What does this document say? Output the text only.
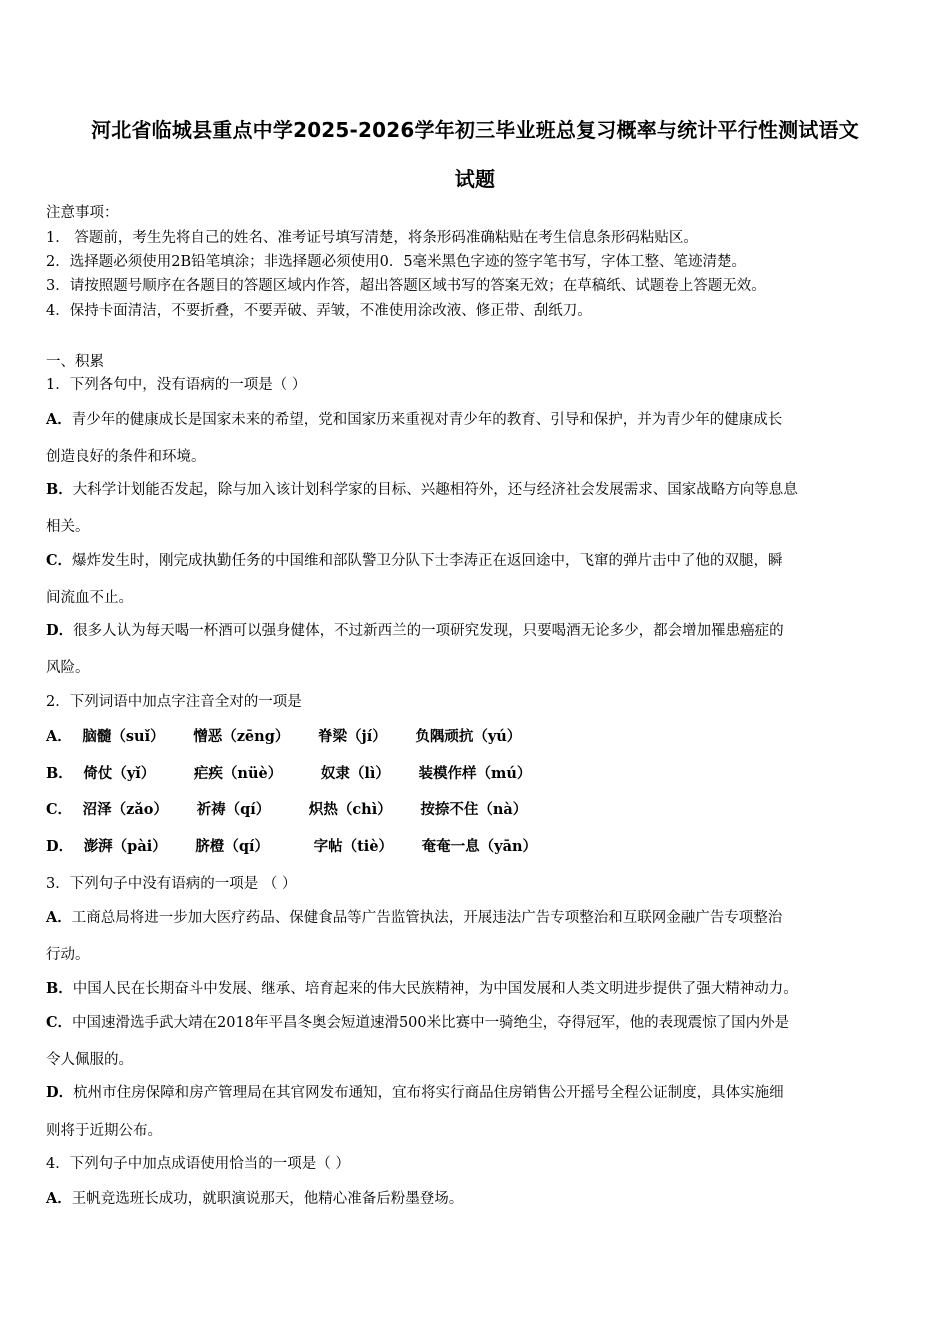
河北省临城县重点中学2025-2026学年初三毕业班总复习概率与统计平行性测试语文
试题
注意事项：
1． 答题前，考生先将自己的姓名、准考证号填写清楚，将条形码准确粘贴在考生信息条形码粘贴区。
2．选择题必须使用2B铅笔填涂；非选择题必须使用0．5毫米黑色字迹的签字笔书写，字体工整、笔迹清楚。
3．请按照题号顺序在各题目的答题区域内作答，超出答题区域书写的答案无效；在草稿纸、试题卷上答题无效。
4．保持卡面清洁，不要折叠，不要弄破、弄皱，不准使用涂改液、修正带、刮纸刀。
一、积累
1．下列各句中，没有语病的一项是（ ）
A．青少年的健康成长是国家未来的希望，党和国家历来重视对青少年的教育、引导和保护，并为青少年的健康成长
创造良好的条件和环境。
B．大科学计划能否发起，除与加入该计划科学家的目标、兴趣相符外，还与经济社会发展需求、国家战略方向等息息
相关。
C．爆炸发生时，刚完成执勤任务的中国维和部队警卫分队下士李涛正在返回途中，飞窜的弹片击中了他的双腿，瞬
间流血不止。
D．很多人认为每天喝一杯酒可以强身健体，不过新西兰的一项研究发现，只要喝酒无论多少，都会增加罹患癌症的
风险。
2．下列词语中加点字注音全对的一项是
A． 脑髓（suǐ） 憎恶（zēng） 脊梁（jí） 负隅顽抗（yú）
B． 倚仗（yǐ）	疟疾（nüè）	奴隶（lì） 装模作样（mú）
C． 沼泽（zǎo） 祈祷（qí）	炽热（chì） 按捺不住（nà）
D． 澎湃（pài） 脐橙（qí）	字帖（tiè） 奄奄一息（yān）
3．下列句子中没有语病的一项是 （ ）
A．工商总局将进一步加大医疗药品、保健食品等广告监管执法，开展违法广告专项整治和互联网金融广告专项整治
行动。
B．中国人民在长期奋斗中发展、继承、培育起来的伟大民族精神，为中国发展和人类文明进步提供了强大精神动力。
C．中国速滑选手武大靖在2018年平昌冬奥会短道速滑500米比赛中一骑绝尘，夺得冠军，他的表现震惊了国内外是
令人佩服的。
D．杭州市住房保障和房产管理局在其官网发布通知，宜布将实行商品住房销售公开摇号全程公证制度，具体实施细
则将于近期公布。
4．下列句子中加点成语使用恰当的一项是（ ）
A．王帆竞选班长成功，就职演说那天，他精心准备后粉墨登场。
